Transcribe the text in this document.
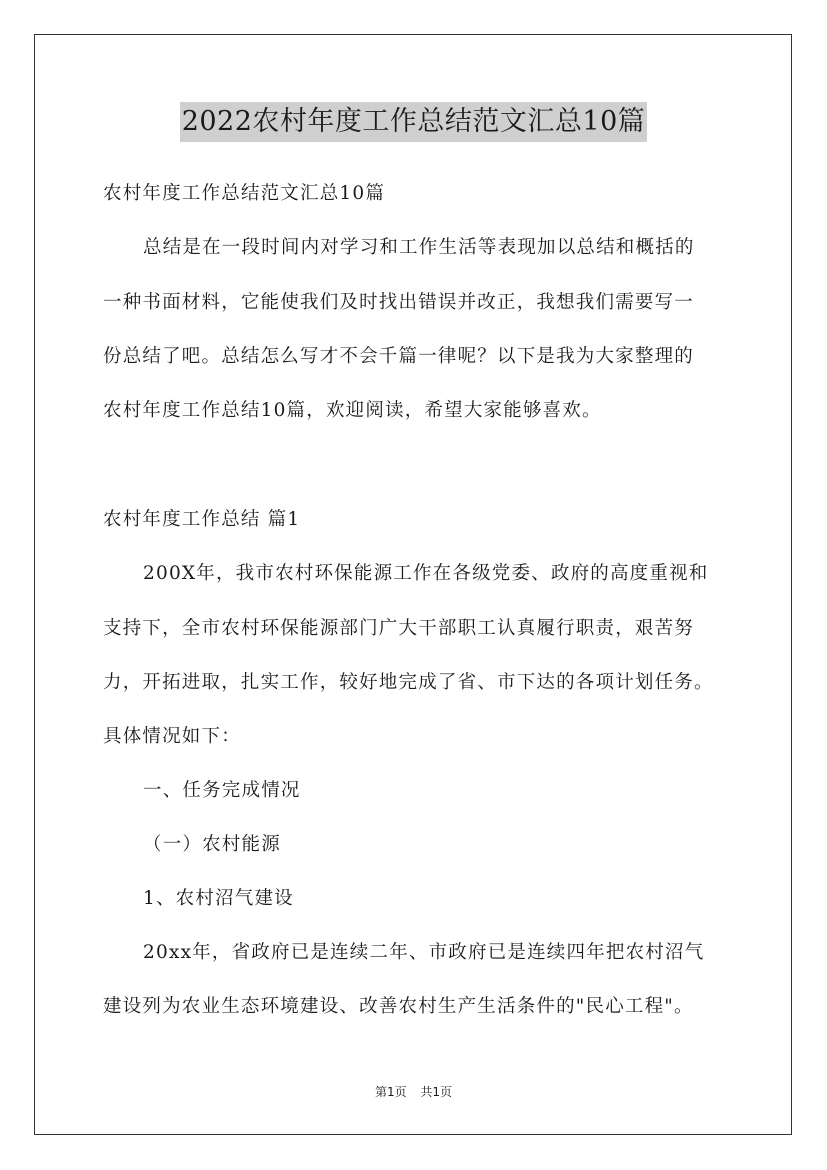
2022农村年度工作总结范文汇总10篇
农村年度工作总结范文汇总10篇
总结是在一段时间内对学习和工作生活等表现加以总结和概括的
一种书面材料，它能使我们及时找出错误并改正，我想我们需要写一
份总结了吧。总结怎么写才不会千篇一律呢？以下是我为大家整理的
农村年度工作总结10篇，欢迎阅读，希望大家能够喜欢。
农村年度工作总结 篇1
200X年，我市农村环保能源工作在各级党委、政府的高度重视和
支持下，全市农村环保能源部门广大干部职工认真履行职责，艰苦努
力，开拓进取，扎实工作，较好地完成了省、市下达的各项计划任务。
具体情况如下：
一、任务完成情况
（一）农村能源
1、农村沼气建设
20xx年，省政府已是连续二年、市政府已是连续四年把农村沼气
建设列为农业生态环境建设、改善农村生产生活条件的"民心工程"。
第1页 共1页
